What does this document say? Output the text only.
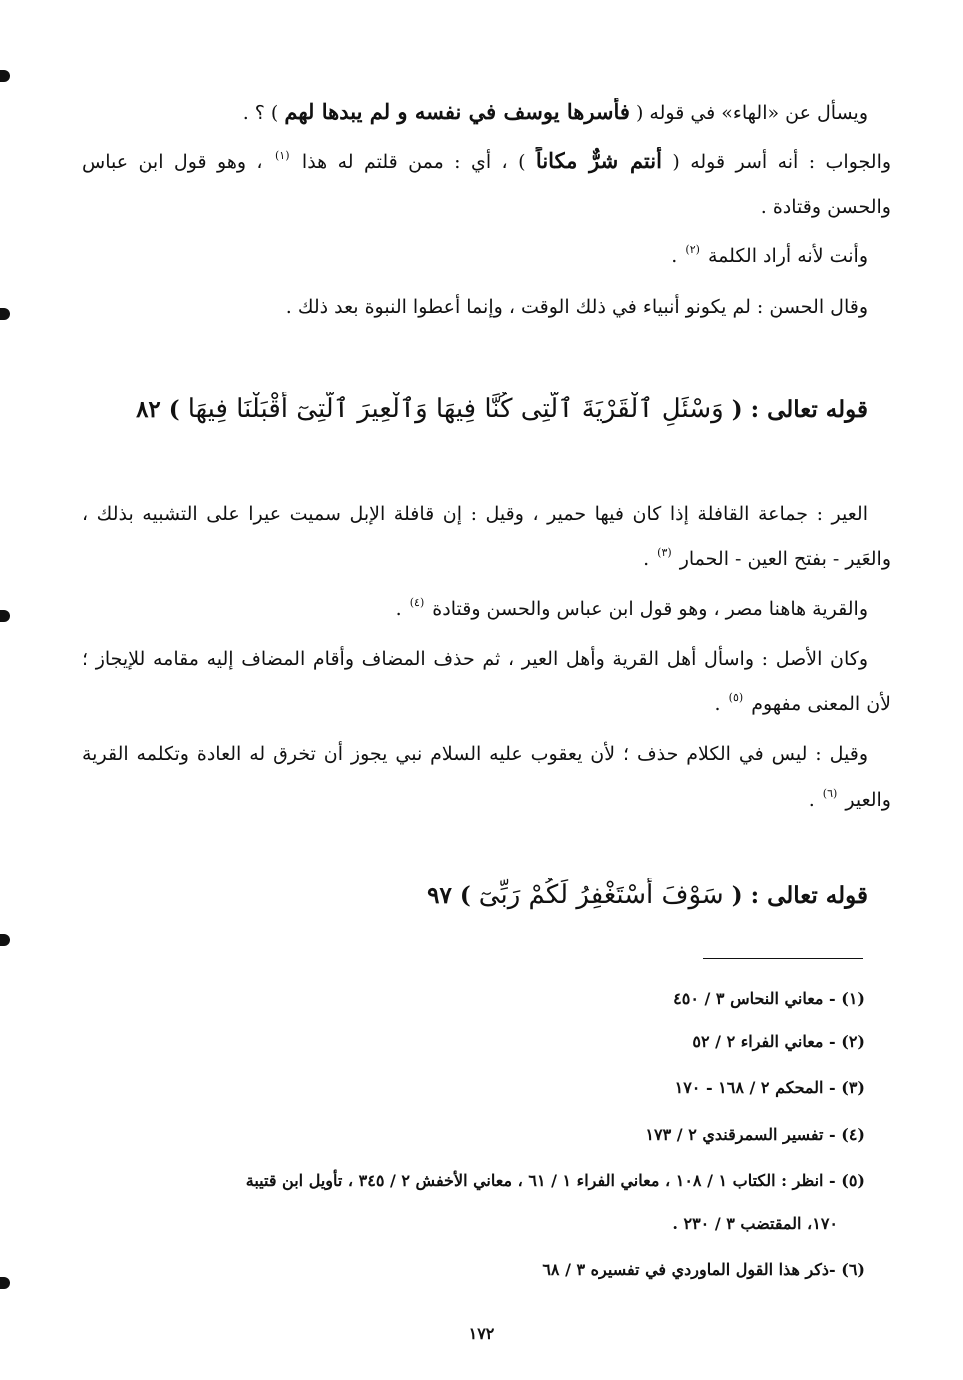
ويسأل عن «الهاء» في قوله ( فأسرها يوسف في نفسه و لم يبدها لهم ) ؟ .
والجواب : أنه أسر قوله ( أنتم شرٌّ مكاناً ) ، أي : ممن قلتم له هذا $^{(١)}$ ، وهو قول ابن عباس
والحسن وقتادة .
وأنت لأنه أراد الكلمة $^{(٢)}$ .
وقال الحسن : لم يكونو أنبياء في ذلك الوقت ، وإنما أعطوا النبوة بعد ذلك .
قوله تعالى : ( وَسْئَلِ ٱلْقَرْيَةَ ٱلَّتِى كُنَّا فِيهَا وَٱلْعِيرَ ٱلَّتِىٓ أَقْبَلْنَا فِيهَا ) ٨٢
العير : جماعة القافلة إذا كان فيها حمير ، وقيل : إن قافلة الإبل سميت عيرا على التشبيه بذلك ،
والعَير - بفتح العين - الحمار $^{(٣)}$ .
والقرية هاهنا مصر ، وهو قول ابن عباس والحسن وقتادة $^{(٤)}$ .
وكان الأصل : واسأل أهل القرية وأهل العير ، ثم حذف المضاف وأقام المضاف إليه مقامه للإيجاز ؛
لأن المعنى مفهوم $^{(٥)}$ .
وقيل : ليس في الكلام حذف ؛ لأن يعقوب عليه السلام نبي يجوز أن تخرق له العادة وتكلمه القرية
والعير $^{(٦)}$ .
قوله تعالى : ( سَوْفَ أَسْتَغْفِرُ لَكُمْ رَبِّىٓ ) ٩٧
(١) - معاني النحاس ٣ / ٤٥٠
(٢) - معاني الفراء ٢ / ٥٢
(٣) - المحكم ٢ / ١٦٨ - ١٧٠
(٤) - تفسير السمرقندي ٢ / ١٧٣
(٥) - انظر : الكتاب ١ / ١٠٨ ، معاني الفراء ١ / ٦١ ، معاني الأخفش ٢ / ٣٤٥ ، تأويل ابن قتيبة
١٧٠، المقتضب ٣ / ٢٣٠ .
(٦) -ذكر هذا القول الماوردي في تفسيره ٣ / ٦٨
١٧٢
